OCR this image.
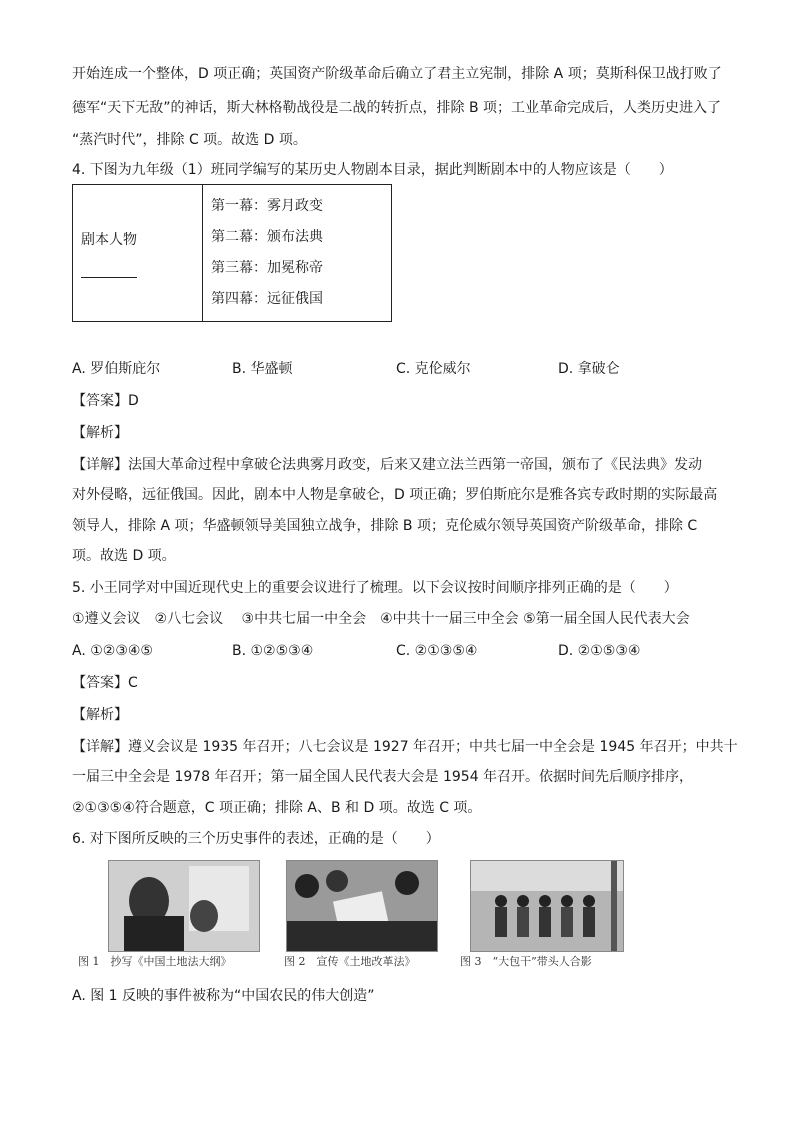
开始连成一个整体，D 项正确；英国资产阶级革命后确立了君主立宪制，排除 A 项；莫斯科保卫战打败了
德军“天下无敌”的神话，斯大林格勒战役是二战的转折点，排除 B 项；工业革命完成后，人类历史进入了
“蒸汽时代”，排除 C 项。故选 D 项。
4. 下图为九年级（1）班同学编写的某历史人物剧本目录，据此判断剧本中的人物应该是（　　）
剧本人物

第一幕：雾月政变
第二幕：颁布法典
第三幕：加冕称帝
第四幕：远征俄国
A. 罗伯斯庇尔	B. 华盛顿	C. 克伦威尔	D. 拿破仑
【答案】D
【解析】
【详解】法国大革命过程中拿破仑法典雾月政变，后来又建立法兰西第一帝国，颁布了《民法典》发动
对外侵略，远征俄国。因此，剧本中人物是拿破仑，D 项正确；罗伯斯庇尔是雅各宾专政时期的实际最高
领导人，排除 A 项；华盛顿领导美国独立战争，排除 B 项；克伦威尔领导英国资产阶级革命，排除 C
项。故选 D 项。
5. 小王同学对中国近现代史上的重要会议进行了梳理。以下会议按时间顺序排列正确的是（　　）
①遵义会议　②八七会议　 ③中共七届一中全会　④中共十一届三中全会 ⑤第一届全国人民代表大会
A. ①②③④⑤	B. ①②⑤③④	C. ②①③⑤④	D. ②①⑤③④
【答案】C
【解析】
【详解】遵义会议是 1935 年召开；八七会议是 1927 年召开；中共七届一中全会是 1945 年召开；中共十
一届三中全会是 1978 年召开；第一届全国人民代表大会是 1954 年召开。依据时间先后顺序排序，
②①③⑤④符合题意，C 项正确；排除 A、B 和 D 项。故选 C 项。
6. 对下图所反映的三个历史事件的表述，正确的是（　　）
图 1　抄写《中国土地法大纲》	图 2　宣传《土地改革法》	图 3　“大包干”带头人合影
A. 图 1 反映的事件被称为“中国农民的伟大创造”
